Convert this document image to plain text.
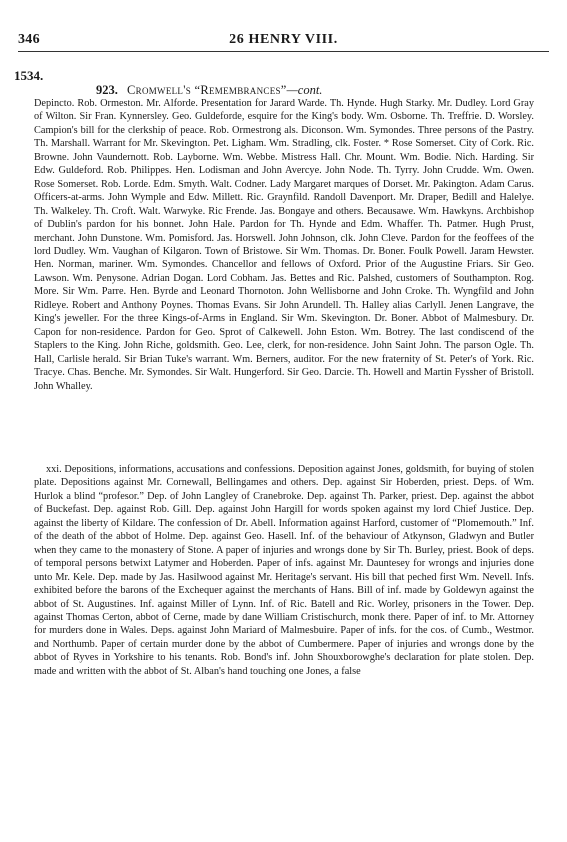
346	26 HENRY VIII.
1534.
923. Cromwell's “Remembrances”—cont.
Depincto. Rob. Ormeston. Mr. Alforde. Presentation for Jarard Warde. Th. Hynde. Hugh Starky. Mr. Dudley. Lord Gray of Wilton. Sir Fran. Kynnersley. Geo. Guldeforde, esquire for the King's body. Wm. Osborne. Th. Treffrie. D. Worsley. Campion's bill for the clerkship of peace. Rob. Ormestrong als. Diconson. Wm. Symondes. Three persons of the Pastry. Th. Marshall. Warrant for Mr. Skevington. Pet. Ligham. Wm. Stradling, clk. Foster. * Rose Somerset. City of Cork. Ric. Browne. John Vaundernott. Rob. Layborne. Wm. Webbe. Mistress Hall. Chr. Mount. Wm. Bodie. Nich. Harding. Sir Edw. Guldeford. Rob. Philippes. Hen. Lodisman and John Avercye. John Node. Th. Tyrry. John Crudde. Wm. Owen. Rose Somerset. Rob. Lorde. Edm. Smyth. Walt. Codner. Lady Margaret marques of Dorset. Mr. Pakington. Adam Carus. Officers-at-arms. John Wymple and Edw. Millett. Ric. Graynfild. Randoll Davenport. Mr. Draper, Bedill and Halelye. Th. Walkeley. Th. Croft. Walt. Warwyke. Ric Frende. Jas. Bongaye and others. Becausawe. Wm. Hawkyns. Archbishop of Dublin's pardon for his bonnet. John Hale. Pardon for Th. Hynde and Edm. Whaffer. Th. Patmer. Hugh Prust, merchant. John Dunstone. Wm. Pomisford. Jas. Horswell. John Johnson, clk. John Cleve. Pardon for the feoffees of the lord Dudley. Wm. Vaughan of Kilgaron. Town of Bristowe. Sir Wm. Thomas. Dr. Boner. Foulk Powell. Jaram Hewster. Hen. Norman, mariner. Wm. Symondes. Chancellor and fellows of Oxford. Prior of the Augustine Friars. Sir Geo. Lawson. Wm. Penysone. Adrian Dogan. Lord Cobham. Jas. Bettes and Ric. Palshed, customers of Southampton. Rog. More. Sir Wm. Parre. Hen. Byrde and Leonard Thornoton. John Wellisborne and John Croke. Th. Wyngfild and John Ridleye. Robert and Anthony Poynes. Thomas Evans. Sir John Arundell. Th. Halley alias Carlyll. Jenen Langrave, the King's jeweller. For the three Kings-of-Arms in England. Sir Wm. Skevington. Dr. Boner. Abbot of Malmesbury. Dr. Capon for non-residence. Pardon for Geo. Sprot of Calkewell. John Eston. Wm. Botrey. The last condiscend of the Staplers to the King. John Riche, goldsmith. Geo. Lee, clerk, for non-residence. John Saint John. The parson Ogle. Th. Hall, Carlisle herald. Sir Brian Tuke's warrant. Wm. Berners, auditor. For the new fraternity of St. Peter's of York. Ric. Tracye. Chas. Benche. Mr. Symondes. Sir Walt. Hungerford. Sir Geo. Darcie. Th. Howell and Martin Fyssher of Bristoll. John Whalley.
xxi. Depositions, informations, accusations and confessions. Deposition against Jones, goldsmith, for buying of stolen plate. Depositions against Mr. Cornewall, Bellingames and others. Dep. against Sir Hoberden, priest. Deps. of Wm. Hurlok a blind “profesor.” Dep. of John Langley of Cranebroke. Dep. against Th. Parker, priest. Dep. against the abbot of Buckefast. Dep. against Rob. Gill. Dep. against John Hargill for words spoken against my lord Chief Justice. Dep. against the liberty of Kildare. The confession of Dr. Abell. Information against Harford, customer of “Plomemouth.” Inf. of the death of the abbot of Holme. Dep. against Geo. Hasell. Inf. of the behaviour of Atkynson, Gladwyn and Butler when they came to the monastery of Stone. A paper of injuries and wrongs done by Sir Th. Burley, priest. Book of deps. of temporal persons betwixt Latymer and Hoberden. Paper of infs. against Mr. Dauntesey for wrongs and injuries done unto Mr. Kele. Dep. made by Jas. Hasilwood against Mr. Heritage's servant. His bill that peched first Wm. Nevell. Infs. exhibited before the barons of the Exchequer against the merchants of Hans. Bill of inf. made by Goldewyn against the abbot of St. Augustines. Inf. against Miller of Lynn. Inf. of Ric. Batell and Ric. Worley, prisoners in the Tower. Dep. against Thomas Certon, abbot of Cerne, made by dane William Cristischurch, monk there. Paper of inf. to Mr. Attorney for murders done in Wales. Deps. against John Mariard of Malmesbuire. Paper of infs. for the cos. of Cumb., Westmor. and Northumb. Paper of certain murder done by the abbot of Cumbermere. Paper of injuries and wrongs done by the abbot of Ryves in Yorkshire to his tenants. Rob. Bond's inf. John Shouxborowghe's declaration for plate stolen. Dep. made and written with the abbot of St. Alban's hand touching one Jones, a false
